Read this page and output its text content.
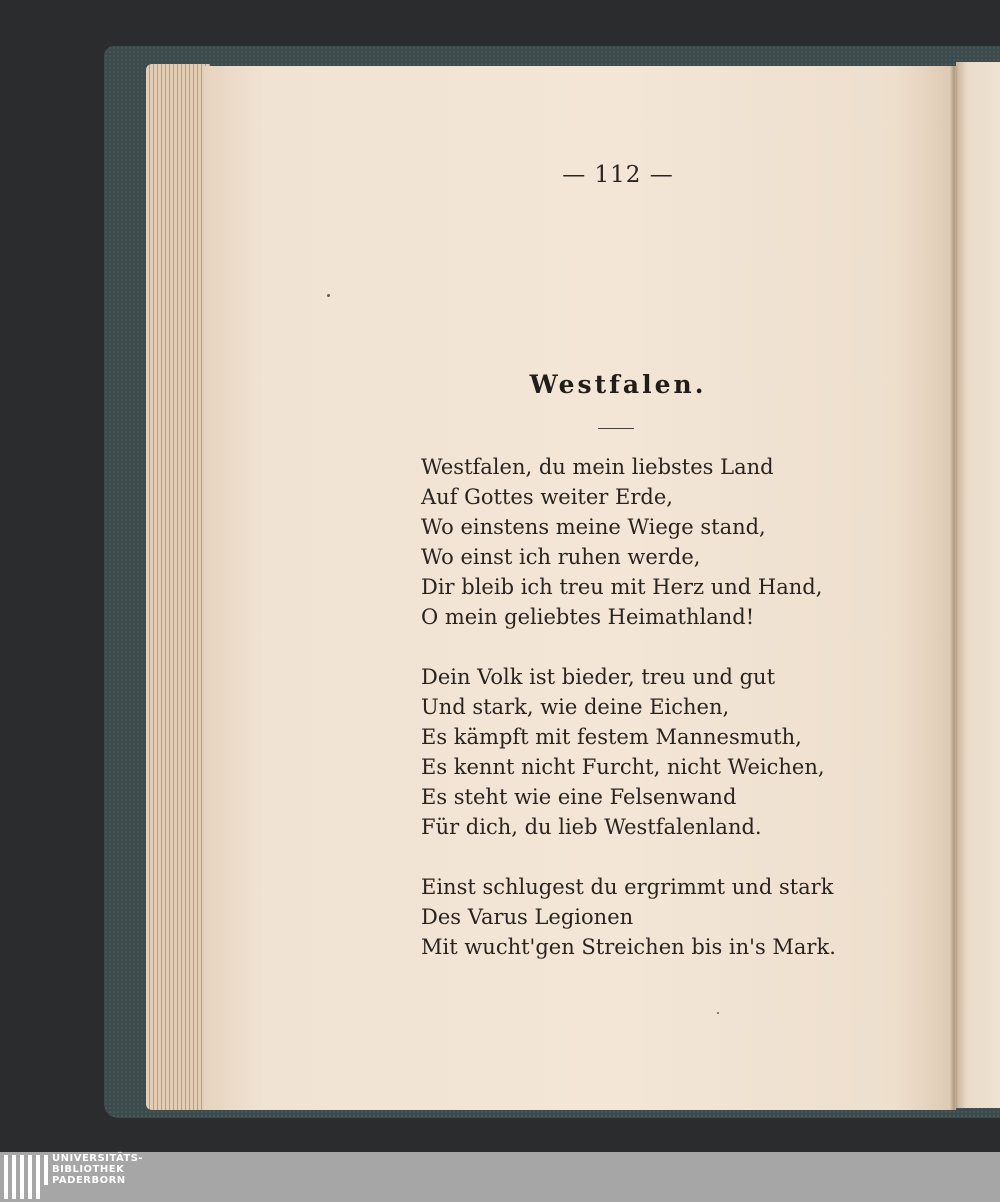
— 112 —
Westfalen.
Westfalen, du mein liebstes Land
Auf Gottes weiter Erde,
Wo einstens meine Wiege stand,
Wo einst ich ruhen werde,
Dir bleib ich treu mit Herz und Hand,
O mein geliebtes Heimathland!
Dein Volk ist bieder, treu und gut
Und stark, wie deine Eichen,
Es kämpft mit festem Mannesmuth,
Es kennt nicht Furcht, nicht Weichen,
Es steht wie eine Felsenwand
Für dich, du lieb Westfalenland.
Einst schlugest du ergrimmt und stark
Des Varus Legionen
Mit wucht'gen Streichen bis in's Mark.
UNIVERSITÄTS-
BIBLIOTHEK
PADERBORN
